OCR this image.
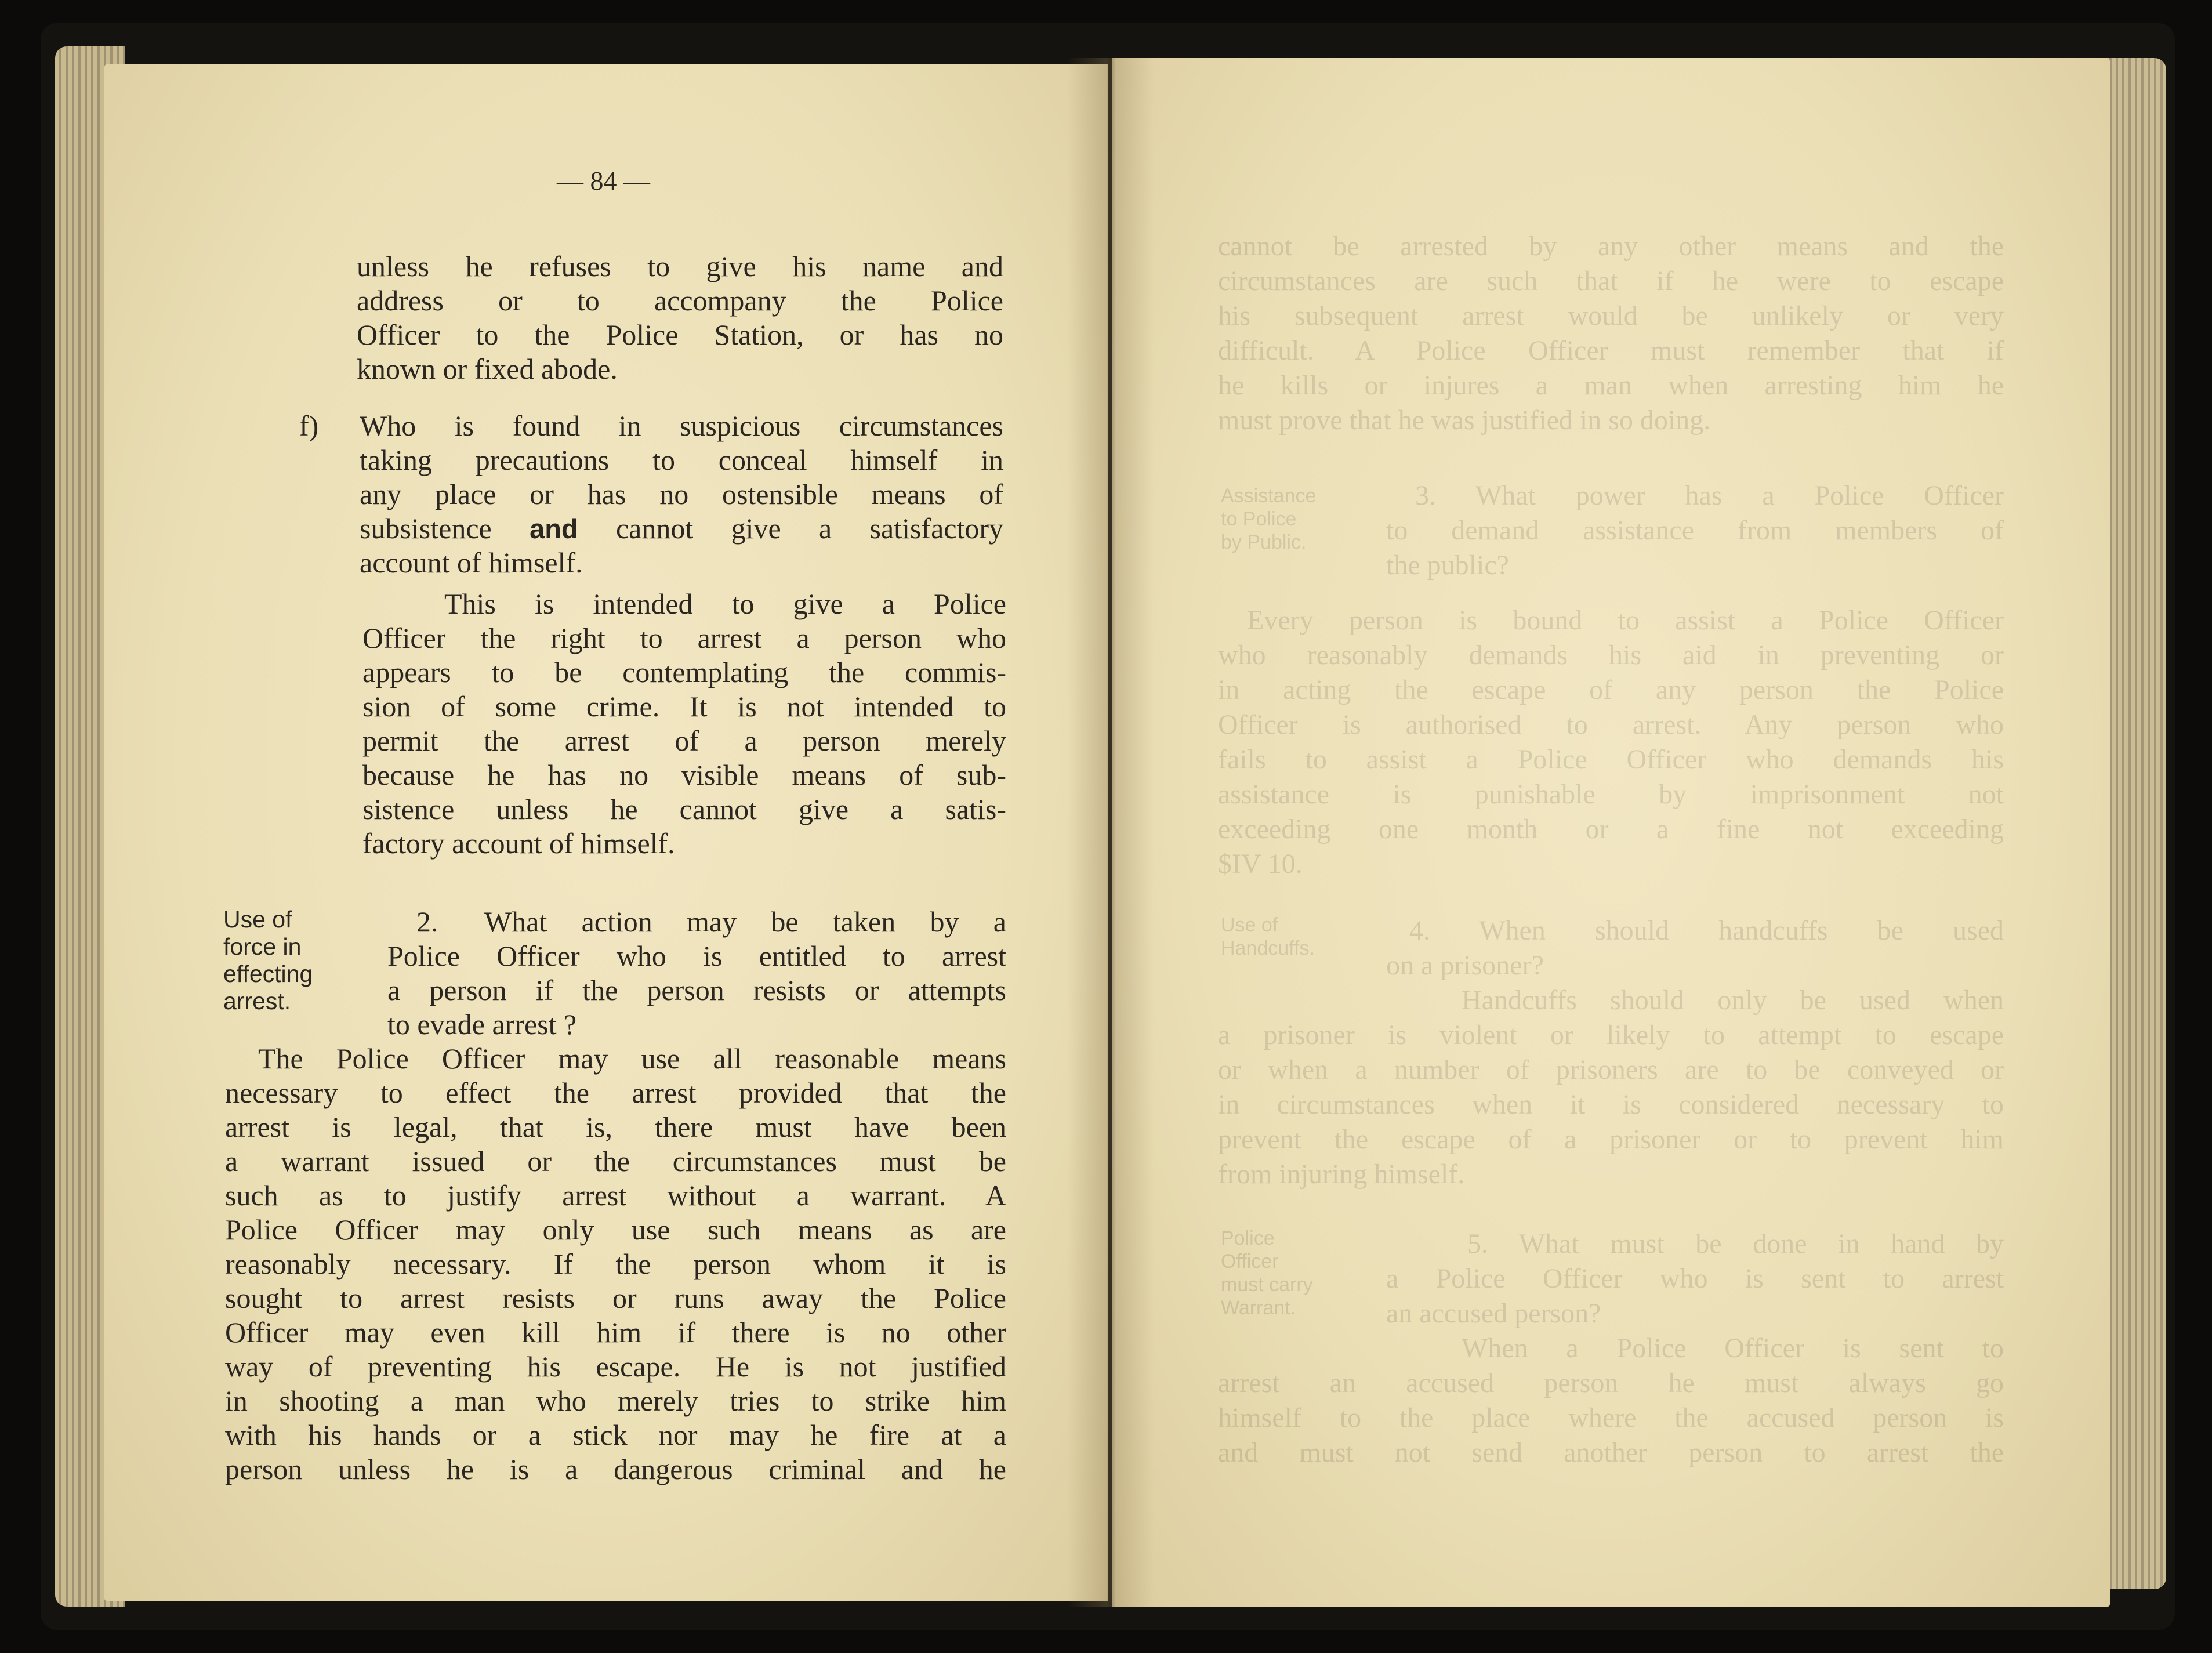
— 84 —

unless he refuses to give his name and

address or to accompany the Police

Officer to the Police Station, or has no

known or fixed abode.

f) Who is found in suspicious circumstances

taking precautions to conceal himself in

any place or has no ostensible means of

subsistence and cannot give a satisfactory

account of himself.

This is intended to give a Police

Officer the right to arrest a person who

appears to be contemplating the commis-

sion of some crime. It is not intended to

permit the arrest of a person merely

because he has no visible means of sub-

sistence unless he cannot give a satis-

factory account of himself.

Use of
force in
effecting
arrest.

2. What action may be taken by a

Police Officer who is entitled to arrest

a person if the person resists or attempts

to evade arrest ?

The Police Officer may use all reasonable means

necessary to effect the arrest provided that the

arrest is legal, that is, there must have been

a warrant issued or the circumstances must be

such as to justify arrest without a warrant. A

Police Officer may only use such means as are

reasonably necessary. If the person whom it is

sought to arrest resists or runs away the Police

Officer may even kill him if there is no other

way of preventing his escape. He is not justified

in shooting a man who merely tries to strike him

with his hands or a stick nor may he fire at a

person unless he is a dangerous criminal and he

cannot be arrested by any other means and the

circumstances are such that if he were to escape

his subsequent arrest would be unlikely or very

difficult. A Police Officer must remember that if

he kills or injures a man when arresting him he

must prove that he was justified in so doing.

Assistance
to Police
by Public.

3. What power has a Police Officer

to demand assistance from members of

the public?

Every person is bound to assist a Police Officer

who reasonably demands his aid in preventing or

in acting the escape of any person the Police

Officer is authorised to arrest. Any person who

fails to assist a Police Officer who demands his

assistance is punishable by imprisonment not

exceeding one month or a fine not exceeding

$IV 10.

Use of
Handcuffs.

4. When should handcuffs be used

on a prisoner?

Handcuffs should only be used when

a prisoner is violent or likely to attempt to escape

or when a number of prisoners are to be conveyed or

in circumstances when it is considered necessary to

prevent the escape of a prisoner or to prevent him

from injuring himself.

Police
Officer
must carry
Warrant.

5. What must be done in hand by

a Police Officer who is sent to arrest

an accused person?

When a Police Officer is sent to

arrest an accused person he must always go

himself to the place where the accused person is

and must not send another person to arrest the
